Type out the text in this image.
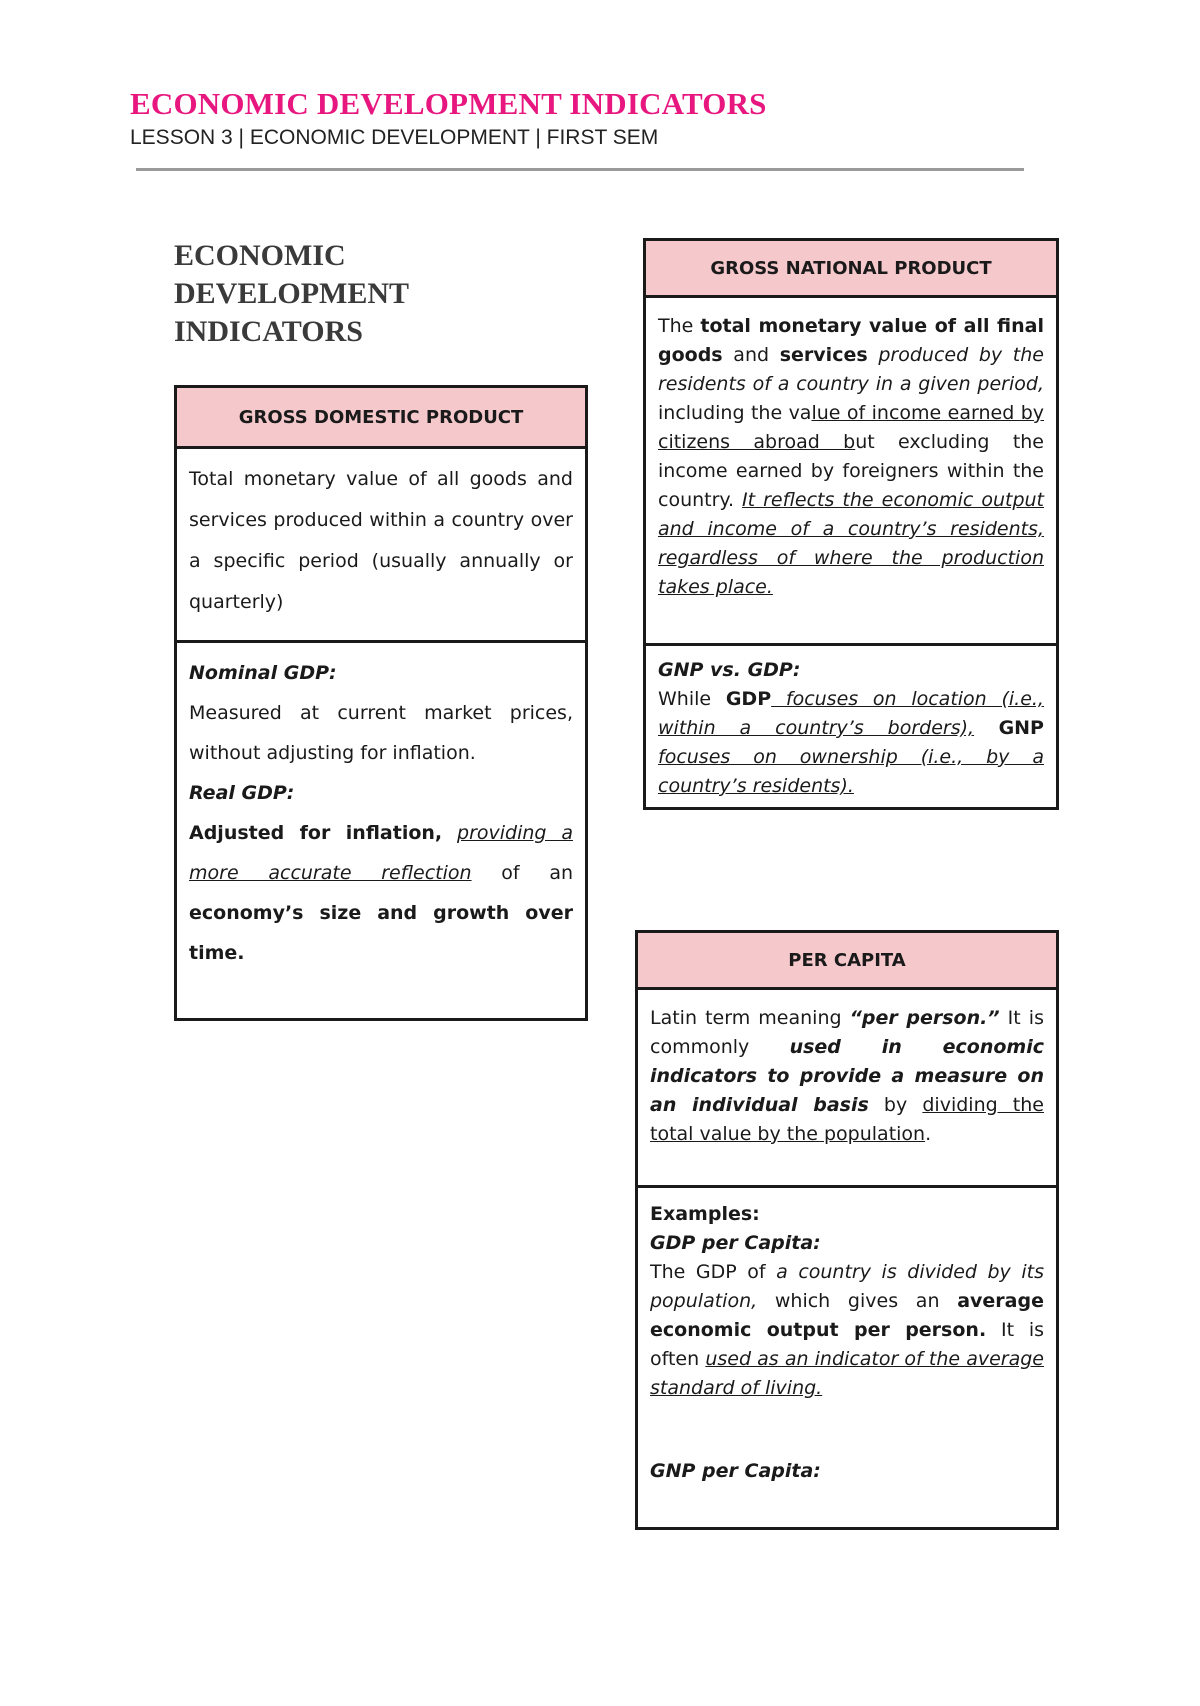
ECONOMIC DEVELOPMENT INDICATORS
LESSON 3 | ECONOMIC DEVELOPMENT | FIRST SEM
ECONOMIC
DEVELOPMENT
INDICATORS
GROSS DOMESTIC PRODUCT

Total monetary value of all goods and services produced within a country over a specific period (usually annually or quarterly)

Nominal GDP:

Measured at current market prices, without adjusting for inflation.

Real GDP:

Adjusted for inflation, providing a more accurate reflection of an economy’s size and growth over time.

GROSS NATIONAL PRODUCT

The total monetary value of all final goods and services produced by the residents of a country in a given period, including the value of income earned by citizens abroad but excluding the income earned by foreigners within the country. It reflects the economic output and income of a country’s residents, regardless of where the production takes place.

GNP vs. GDP:

While GDP focuses on location (i.e., within a country’s borders), GNP focuses on ownership (i.e., by a country’s residents).

PER CAPITA

Latin term meaning “per person.” It is commonly used in economic indicators to provide a measure on an individual basis by dividing the total value by the population.

Examples:

GDP per Capita:

The GDP of a country is divided by its population, which gives an average economic output per person. It is often used as an indicator of the average standard of living.

GNP per Capita:
